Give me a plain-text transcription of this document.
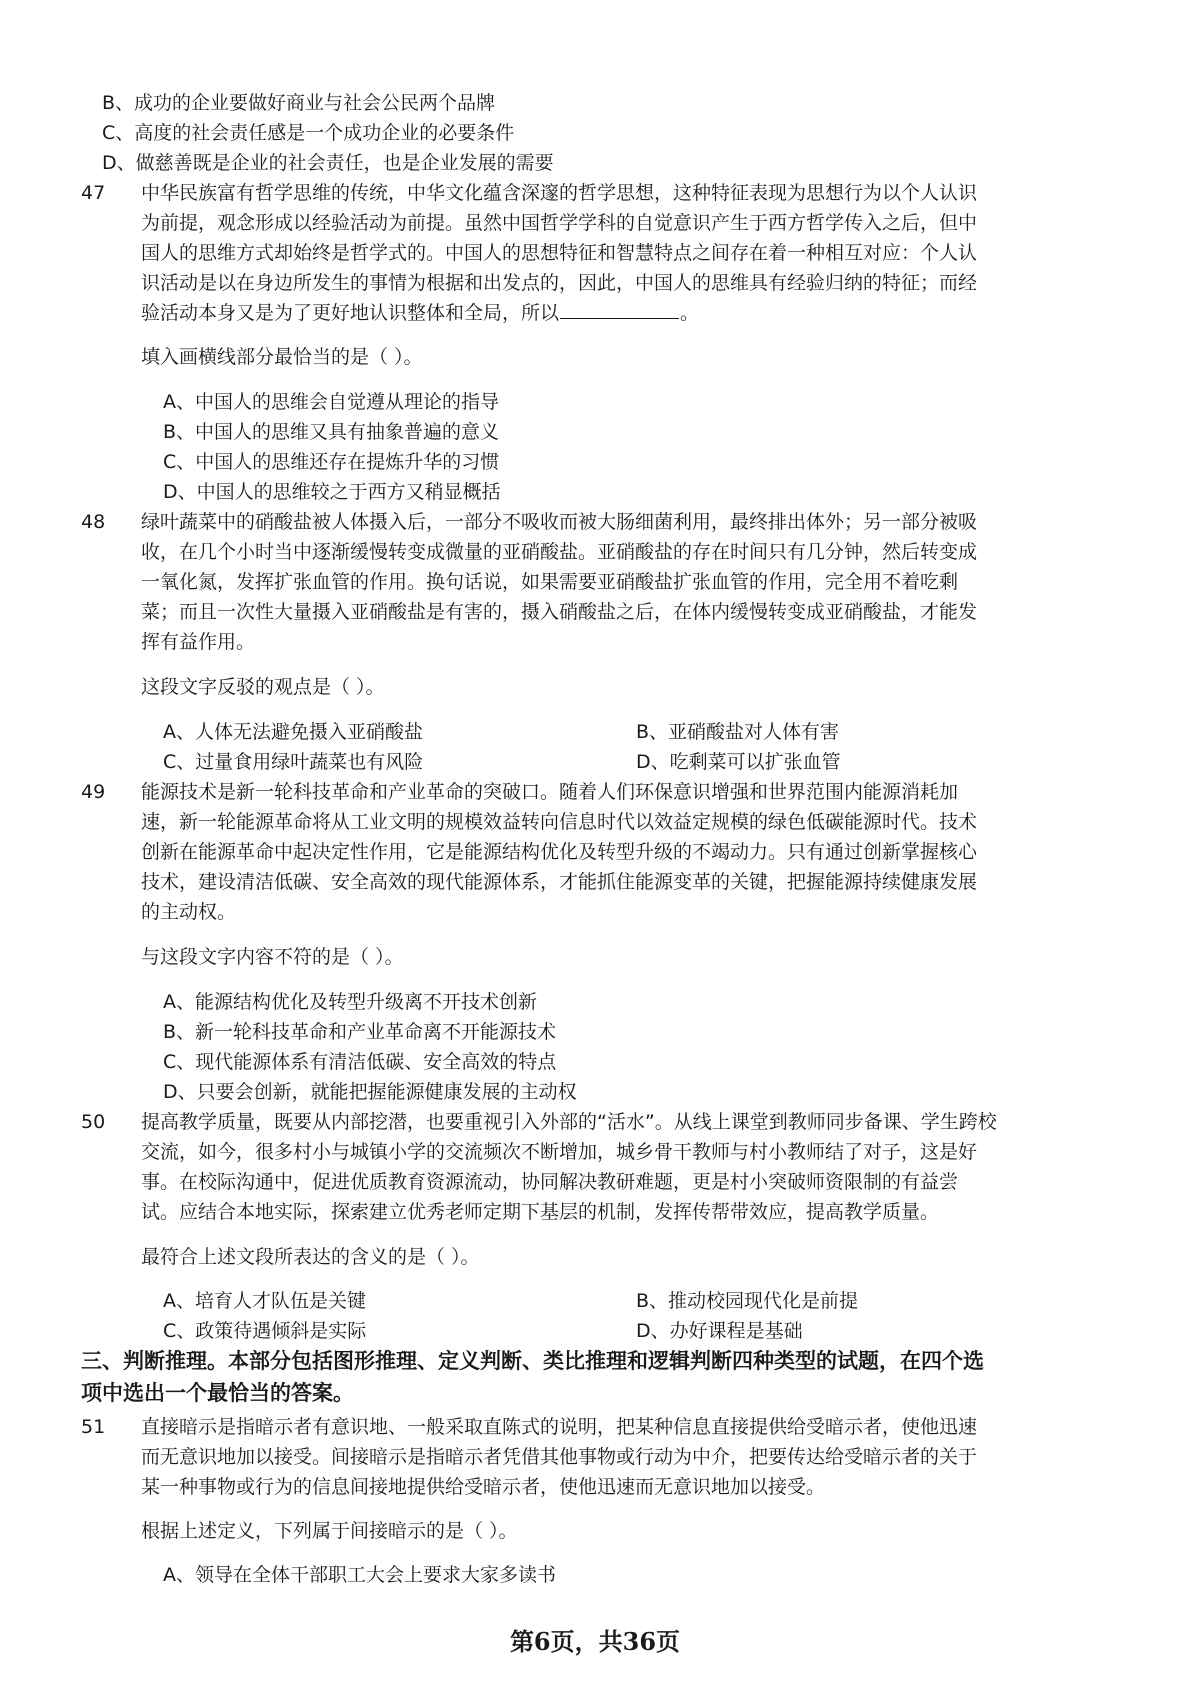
B、成功的企业要做好商业与社会公民两个品牌

C、高度的社会责任感是一个成功企业的必要条件

D、做慈善既是企业的社会责任，也是企业发展的需要

47 中华民族富有哲学思维的传统，中华文化蕴含深邃的哲学思想，这种特征表现为思想行为以个人认识

为前提，观念形成以经验活动为前提。虽然中国哲学学科的自觉意识产生于西方哲学传入之后，但中

国人的思维方式却始终是哲学式的。中国人的思想特征和智慧特点之间存在着一种相互对应：个人认

识活动是以在身边所发生的事情为根据和出发点的，因此，中国人的思维具有经验归纳的特征；而经

验活动本身又是为了更好地认识整体和全局，所以	。

填入画横线部分最恰当的是（ ）。

A、中国人的思维会自觉遵从理论的指导

B、中国人的思维又具有抽象普遍的意义

C、中国人的思维还存在提炼升华的习惯

D、中国人的思维较之于西方又稍显概括

48 绿叶蔬菜中的硝酸盐被人体摄入后，一部分不吸收而被大肠细菌利用，最终排出体外；另一部分被吸

收，在几个小时当中逐渐缓慢转变成微量的亚硝酸盐。亚硝酸盐的存在时间只有几分钟，然后转变成

一氧化氮，发挥扩张血管的作用。换句话说，如果需要亚硝酸盐扩张血管的作用，完全用不着吃剩

菜；而且一次性大量摄入亚硝酸盐是有害的，摄入硝酸盐之后，在体内缓慢转变成亚硝酸盐，才能发

挥有益作用。

这段文字反驳的观点是（ ）。

A、人体无法避免摄入亚硝酸盐	B、亚硝酸盐对人体有害

C、过量食用绿叶蔬菜也有风险	D、吃剩菜可以扩张血管

49 能源技术是新一轮科技革命和产业革命的突破口。随着人们环保意识增强和世界范围内能源消耗加

速，新一轮能源革命将从工业文明的规模效益转向信息时代以效益定规模的绿色低碳能源时代。技术

创新在能源革命中起决定性作用，它是能源结构优化及转型升级的不竭动力。只有通过创新掌握核心

技术，建设清洁低碳、安全高效的现代能源体系，才能抓住能源变革的关键，把握能源持续健康发展

的主动权。

与这段文字内容不符的是（ ）。

A、能源结构优化及转型升级离不开技术创新

B、新一轮科技革命和产业革命离不开能源技术

C、现代能源体系有清洁低碳、安全高效的特点

D、只要会创新，就能把握能源健康发展的主动权

50 提高教学质量，既要从内部挖潜，也要重视引入外部的“活水”。从线上课堂到教师同步备课、学生跨校

交流，如今，很多村小与城镇小学的交流频次不断增加，城乡骨干教师与村小教师结了对子，这是好

事。在校际沟通中，促进优质教育资源流动，协同解决教研难题，更是村小突破师资限制的有益尝

试。应结合本地实际，探索建立优秀老师定期下基层的机制，发挥传帮带效应，提高教学质量。

最符合上述文段所表达的含义的是（ ）。

A、培育人才队伍是关键	B、推动校园现代化是前提

C、政策待遇倾斜是实际	D、办好课程是基础

三、判断推理。本部分包括图形推理、定义判断、类比推理和逻辑判断四种类型的试题，在四个选

项中选出一个最恰当的答案。

51 直接暗示是指暗示者有意识地、一般采取直陈式的说明，把某种信息直接提供给受暗示者，使他迅速

而无意识地加以接受。间接暗示是指暗示者凭借其他事物或行动为中介，把要传达给受暗示者的关于

某一种事物或行为的信息间接地提供给受暗示者，使他迅速而无意识地加以接受。

根据上述定义，下列属于间接暗示的是（ ）。

A、领导在全体干部职工大会上要求大家多读书

第6页，共36页
